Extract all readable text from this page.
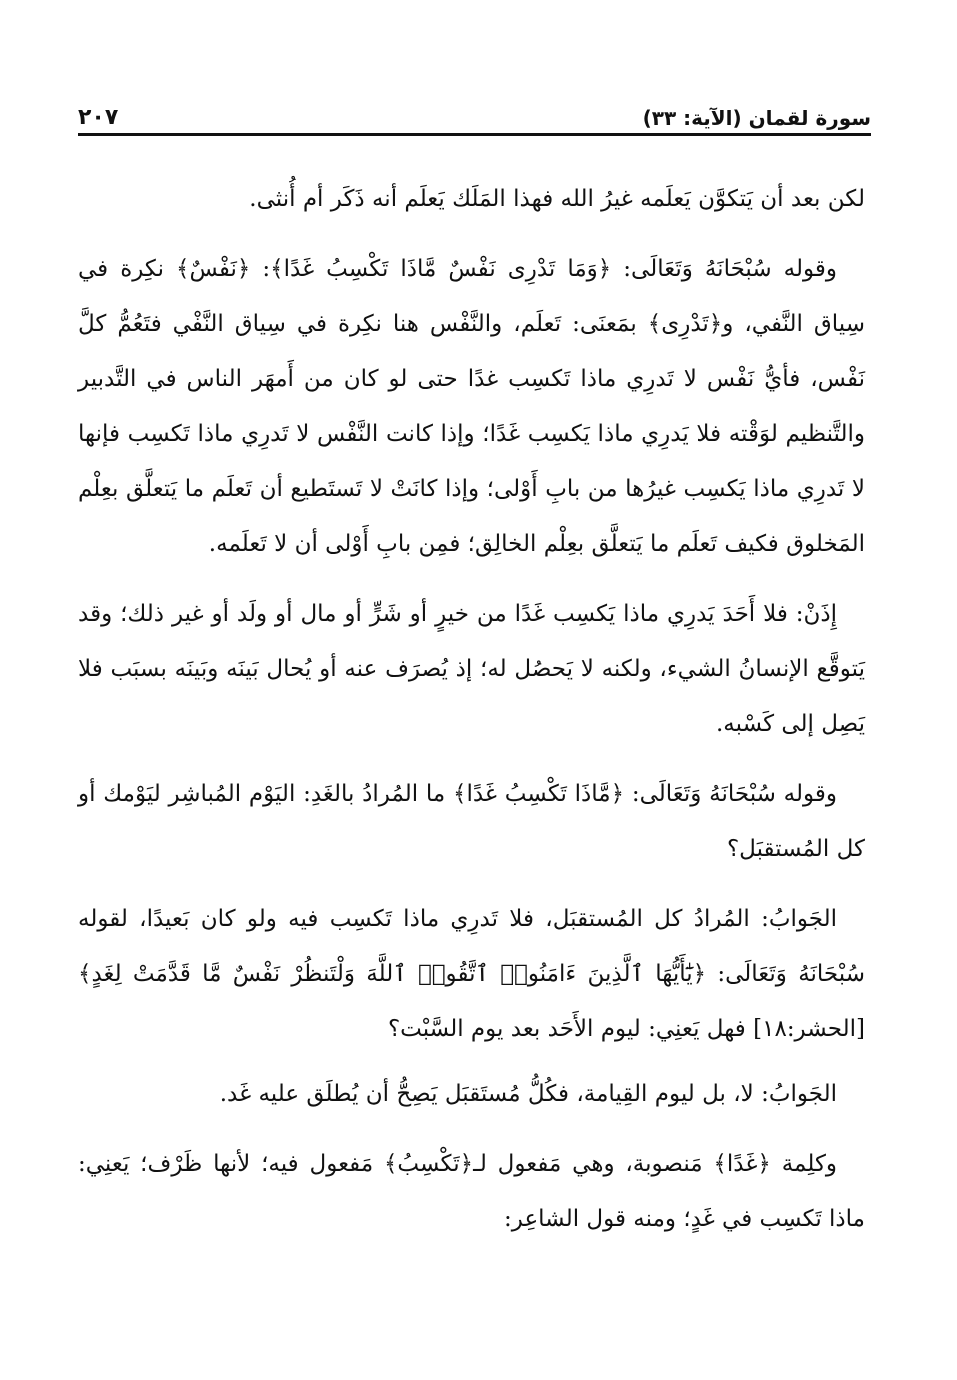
سورة لقمان (الآية: ٣٣)
٢٠٧

لكن بعد أن يَتكوَّن يَعلَمه غيرُ الله فهذا المَلَك يَعلَم أنه ذَكَر أم أُنثى.

وقوله سُبْحَانَهُ وَتَعَالَى: ﴿وَمَا تَدْرِى نَفْسٌ مَّاذَا تَكْسِبُ غَدًا﴾: ﴿نَفْسٌ﴾ نكِرة في سِياق النَّفي، و﴿تَدْرِى﴾ بمَعنَى: تَعلَم، والنَّفْس هنا نكِرة في سِياق النَّفْي فتَعُمُّ كلَّ نَفْس، فأيُّ نَفْس لا تَدرِي ماذا تَكسِب غدًا حتى لو كان من أَمهَر الناس في التَّدبير والتَّنظيم لوَقْته فلا يَدرِي ماذا يَكسِب غَدًا؛ وإذا كانت النَّفْس لا تَدرِي ماذا تَكسِب فإنها لا تَدرِي ماذا يَكسِب غيرُها من بابِ أَوْلى؛ وإذا كانَتْ لا تَستَطيع أن تَعلَم ما يَتعلَّق بعِلْم المَخلوق فكيف تَعلَم ما يَتعلَّق بعِلْم الخالِق؛ فمِن بابِ أَوْلى أن لا تَعلَمه.

إِذَنْ: فلا أَحَدَ يَدرِي ماذا يَكسِب غَدًا من خيرٍ أو شَرٍّ أو مال أو ولَد أو غير ذلك؛ وقد يَتوقَّع الإنسانُ الشيء، ولكنه لا يَحصُل له؛ إذ يُصرَف عنه أو يُحال بَينَه وبَينَه بسبَب فلا يَصِل إلى كَسْبه.

وقوله سُبْحَانَهُ وَتَعَالَى: ﴿مَّاذَا تَكْسِبُ غَدًا﴾ ما المُرادُ بالغَدِ: اليَوْم المُباشِر ليَوْمك أو كل المُستقبَل؟

الجَوابُ: المُرادُ كل المُستقبَل، فلا تَدرِي ماذا تَكسِب فيه ولو كان بَعيدًا، لقوله سُبْحَانَهُ وَتَعَالَى: ﴿يَٰٓأَيُّهَا ٱلَّذِينَ ءَامَنُوا۟ ٱتَّقُوا۟ ٱللَّهَ وَلْتَنظُرْ نَفْسٌ مَّا قَدَّمَتْ لِغَدٍ﴾ [الحشر:١٨] فهل يَعنِي: ليوم الأَحَد بعد يوم السَّبْت؟

الجَوابُ: لا، بل ليوم القِيامة، فكُلُّ مُستَقبَل يَصِحُّ أن يُطلَق عليه غَد.

وكلِمة ﴿غَدًا﴾ مَنصوبة، وهي مَفعول لـ﴿تَكْسِبُ﴾ مَفعول فيه؛ لأنها ظَرْف؛ يَعنِي: ماذا تَكسِب في غَدٍ؛ ومنه قول الشاعِر:
